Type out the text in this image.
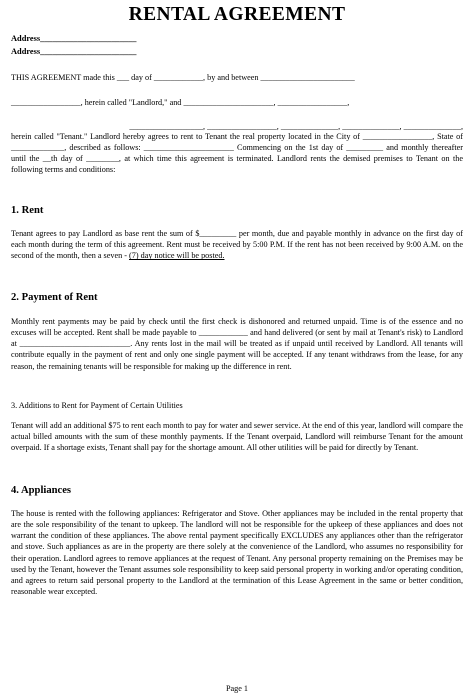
RENTAL AGREEMENT
Address_______________________
Address_______________________

THIS AGREEMENT made this ___ day of ____________, by and between _______________________

_________________, herein called "Landlord," and ______________________, _________________,

__________________, _________________, ______________, ______________, ______________,

herein called "Tenant." Landlord hereby agrees to rent to Tenant the real property located in the City of _________________, State of _____________, described as follows: ______________________ Commencing on the 1st day of _________ and monthly thereafter until the __th day of ________, at which time this agreement is terminated. Landlord rents the demised premises to Tenant on the following terms and conditions:

1. Rent

Tenant agrees to pay Landlord as base rent the sum of $_________ per month, due and payable monthly in advance on the first day of each month during the term of this agreement. Rent must be received by 5:00 P.M. If the rent has not been received by 9:00 A.M. on the second of the month, then a seven - (7) day notice will be posted.

2. Payment of Rent

Monthly rent payments may be paid by check until the first check is dishonored and returned unpaid. Time is of the essence and no excuses will be accepted. Rent shall be made payable to ____________ and hand delivered (or sent by mail at Tenant's risk) to Landlord at ___________________________. Any rents lost in the mail will be treated as if unpaid until received by Landlord. All tenants will contribute equally in the payment of rent and only one single payment will be accepted. If any tenant withdraws from the lease, for any reason, the remaining tenants will be responsible for making up the difference in rent.

3. Additions to Rent for Payment of Certain Utilities

Tenant will add an additional $75 to rent each month to pay for water and sewer service. At the end of this year, landlord will compare the actual billed amounts with the sum of these monthly payments. If the Tenant overpaid, Landlord will reimburse Tenant for the amount overpaid. If a shortage exists, Tenant shall pay for the shortage amount. All other utilities will be paid for directly by Tenant.

4. Appliances

The house is rented with the following appliances: Refrigerator and Stove. Other appliances may be included in the rental property that are the sole responsibility of the tenant to upkeep. The landlord will not be responsible for the upkeep of these appliances and does not warrant the condition of these appliances. The above rental payment specifically EXCLUDES any appliances other than the refrigerator and stove. Such appliances as are in the property are there solely at the convenience of the Landlord, who assumes no responsibility for their operation. Landlord agrees to remove appliances at the request of Tenant. Any personal property remaining on the Premises may be used by the Tenant, however the Tenant assumes sole responsibility to keep said personal property in working and/or operating condition, and agrees to return said personal property to the Landlord at the termination of this Lease Agreement in the same or better condition, reasonable wear excepted.

Page 1
